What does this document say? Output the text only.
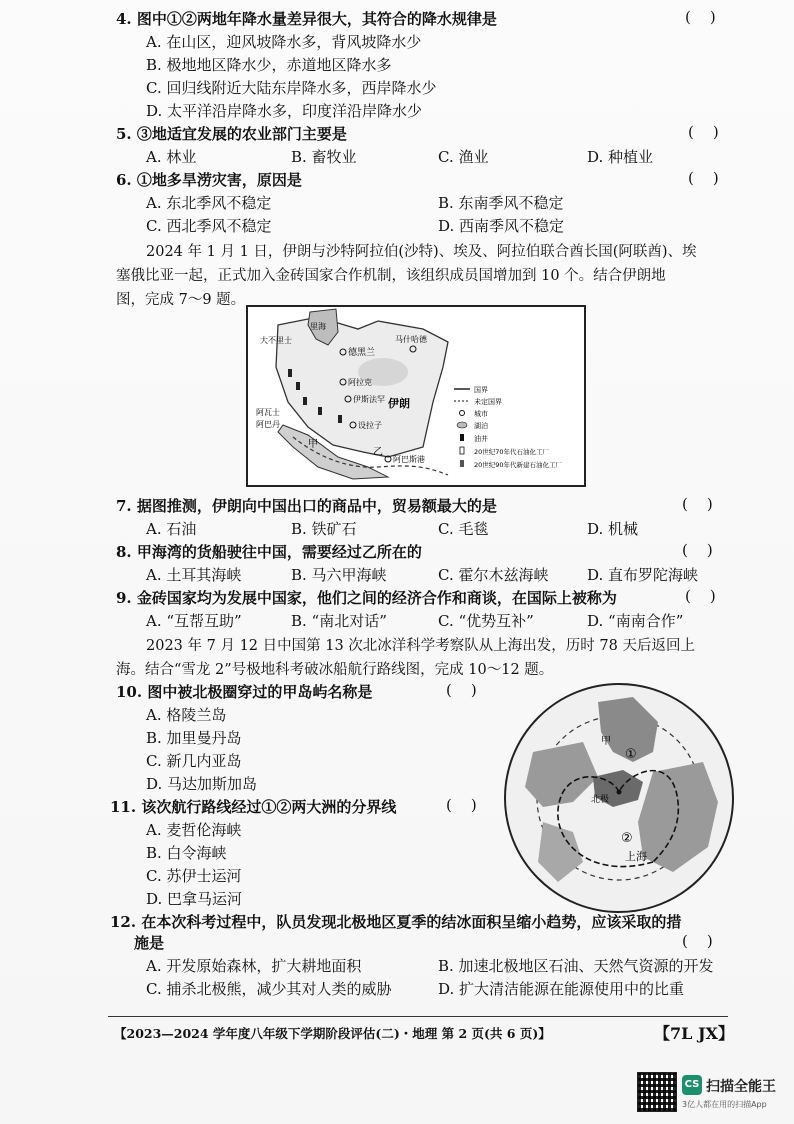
4. 图中①②两地年降水量差异很大，其符合的降水规律是	(    )
A. 在山区，迎风坡降水多，背风坡降水少
B. 极地地区降水少，赤道地区降水多
C. 回归线附近大陆东岸降水多，西岸降水少
D. 太平洋沿岸降水多，印度洋沿岸降水少
5. ③地适宜发展的农业部门主要是	(    )
A. 林业	B. 畜牧业	C. 渔业	D. 种植业
6. ①地多旱涝灾害，原因是	(    )
A. 东北季风不稳定	B. 东南季风不稳定
C. 西北季风不稳定	D. 西南季风不稳定
2024 年 1 月 1 日，伊朗与沙特阿拉伯(沙特)、埃及、阿拉伯联合酋长国(阿联酋)、埃
塞俄比亚一起，正式加入金砖国家合作机制，该组织成员国增加到 10 个。结合伊朗地
图，完成 7～9 题。
大不里士
里海
德黑兰
马什哈德
阿拉克
伊斯法罕
设拉子
阿瓦士
阿巴丹
阿巴斯港
伊朗
甲
乙
国界
未定国界
城市
湖泊
油井
20世纪70年代石油化工厂
20世纪90年代新建石油化工厂
7. 据图推测，伊朗向中国出口的商品中，贸易额最大的是	(    )
A. 石油	B. 铁矿石	C. 毛毯	D. 机械
8. 甲海湾的货船驶往中国，需要经过乙所在的	(    )
A. 土耳其海峡	B. 马六甲海峡	C. 霍尔木兹海峡	D. 直布罗陀海峡
9. 金砖国家均为发展中国家，他们之间的经济合作和商谈，在国际上被称为	(    )
A. “互帮互助”	B. “南北对话”	C. “优势互补”	D. “南南合作”
2023 年 7 月 12 日中国第 13 次北冰洋科学考察队从上海出发，历时 78 天后返回上
海。结合“雪龙 2”号极地科考破冰船航行路线图，完成 10～12 题。
10. 图中被北极圈穿过的甲岛屿名称是	(    )
A. 格陵兰岛
B. 加里曼丹岛
C. 新几内亚岛
D. 马达加斯加岛
北极
①
②
甲
上海
11. 该次航行路线经过①②两大洲的分界线	(    )
A. 麦哲伦海峡
B. 白令海峡
C. 苏伊士运河
D. 巴拿马运河
12. 在本次科考过程中，队员发现北极地区夏季的结冰面积呈缩小趋势，应该采取的措
施是	(    )
A. 开发原始森林，扩大耕地面积	B. 加速北极地区石油、天然气资源的开发
C. 捕杀北极熊，减少其对人类的威胁	D. 扩大清洁能源在能源使用中的比重
【2023—2024 学年度八年级下学期阶段评估(二)・地理 第 2 页(共 6 页)】	【7L JX】
CS 扫描全能王
3亿人都在用的扫描App
